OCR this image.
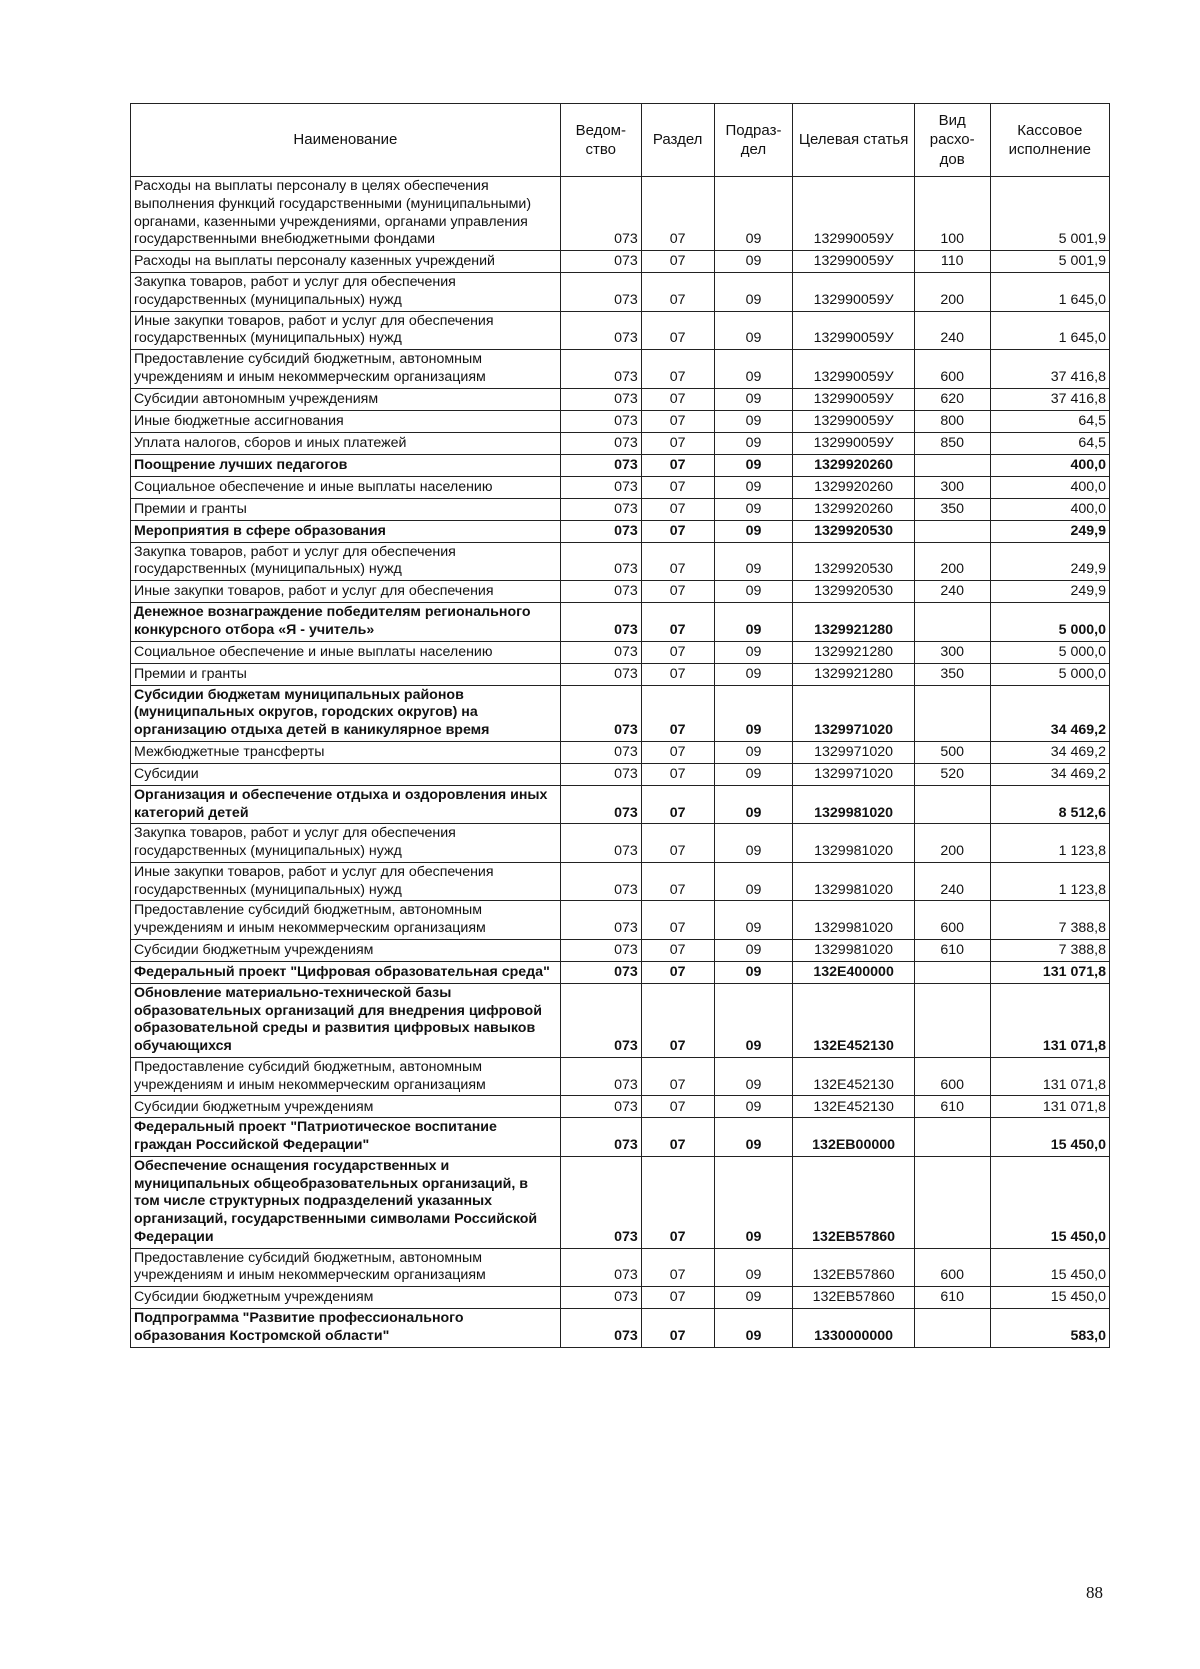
Наименование	Ведом- ство	Раздел	Подраз- дел	Целевая статья	Вид расхо- дов	Кассовое исполнение
Расходы на выплаты персоналу в целях обеспечения выполнения функций государственными (муниципальными) органами, казенными учреждениями, органами управления государственными внебюджетными фондами	073	07	09	132990059У	100	5 001,9
Расходы на выплаты персоналу казенных учреждений	073	07	09	132990059У	110	5 001,9
Закупка товаров, работ и услуг для обеспечения государственных (муниципальных) нужд	073	07	09	132990059У	200	1 645,0
Иные закупки товаров, работ и услуг для обеспечения государственных (муниципальных) нужд	073	07	09	132990059У	240	1 645,0
Предоставление субсидий бюджетным, автономным учреждениям и иным некоммерческим организациям	073	07	09	132990059У	600	37 416,8
Субсидии автономным учреждениям	073	07	09	132990059У	620	37 416,8
Иные бюджетные ассигнования	073	07	09	132990059У	800	64,5
Уплата налогов, сборов и иных платежей	073	07	09	132990059У	850	64,5
Поощрение лучших педагогов	073	07	09	1329920260		400,0
Социальное обеспечение и иные выплаты населению	073	07	09	1329920260	300	400,0
Премии и гранты	073	07	09	1329920260	350	400,0
Мероприятия в сфере образования	073	07	09	1329920530		249,9
Закупка товаров, работ и услуг для обеспечения государственных (муниципальных) нужд	073	07	09	1329920530	200	249,9
Иные закупки товаров, работ и услуг для обеспечения	073	07	09	1329920530	240	249,9
Денежное вознаграждение победителям регионального конкурсного отбора «Я - учитель»	073	07	09	1329921280		5 000,0
Социальное обеспечение и иные выплаты населению	073	07	09	1329921280	300	5 000,0
Премии и гранты	073	07	09	1329921280	350	5 000,0
Субсидии бюджетам муниципальных районов (муниципальных округов, городских округов) на организацию отдыха детей в каникулярное время	073	07	09	1329971020		34 469,2
Межбюджетные трансферты	073	07	09	1329971020	500	34 469,2
Субсидии	073	07	09	1329971020	520	34 469,2
Организация и обеспечение отдыха и оздоровления иных категорий детей	073	07	09	1329981020		8 512,6
Закупка товаров, работ и услуг для обеспечения государственных (муниципальных) нужд	073	07	09	1329981020	200	1 123,8
Иные закупки товаров, работ и услуг для обеспечения государственных (муниципальных) нужд	073	07	09	1329981020	240	1 123,8
Предоставление субсидий бюджетным, автономным учреждениям и иным некоммерческим организациям	073	07	09	1329981020	600	7 388,8
Субсидии бюджетным учреждениям	073	07	09	1329981020	610	7 388,8
Федеральный проект "Цифровая образовательная среда"	073	07	09	132E400000		131 071,8
Обновление материально-технической базы образовательных организаций для внедрения цифровой образовательной среды и развития цифровых навыков обучающихся	073	07	09	132E452130		131 071,8
Предоставление субсидий бюджетным, автономным учреждениям и иным некоммерческим организациям	073	07	09	132E452130	600	131 071,8
Субсидии бюджетным учреждениям	073	07	09	132E452130	610	131 071,8
Федеральный проект "Патриотическое воспитание граждан Российской Федерации"	073	07	09	132EB00000		15 450,0
Обеспечение оснащения государственных и муниципальных общеобразовательных организаций, в том числе структурных подразделений указанных организаций, государственными символами Российской Федерации	073	07	09	132EB57860		15 450,0
Предоставление субсидий бюджетным, автономным учреждениям и иным некоммерческим организациям	073	07	09	132EB57860	600	15 450,0
Субсидии бюджетным учреждениям	073	07	09	132EB57860	610	15 450,0
Подпрограмма "Развитие профессионального образования Костромской области"	073	07	09	1330000000		583,0
88
